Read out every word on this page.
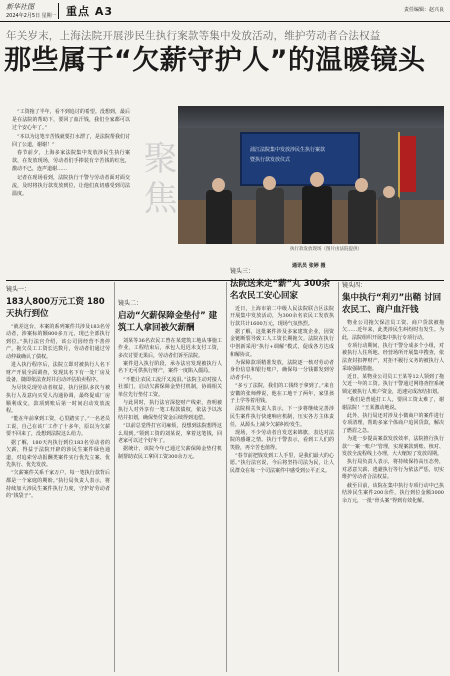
新华社图
2024年2月5日 星期一 重点 A3	责任编辑：赵兴良
年关岁末，上海法院开展涉民生执行案款等集中发放活动，维护劳动者合法权益
那些属于“欠薪守护人”的温暖镜头

“工资拖了半年，看不到追讨的希望。没想到，最后是在法院的帮助下，要回了血汗钱，我们全家都可以过个安心年了。”

“本以为这笔辛苦钱就要打水漂了，是法院帮我们讨回了公道，谢谢！”

春节前夕，上海多家法院集中发放涉民生执行案款，在发放现场，劳动者们手捧装有辛苦钱的红包，激动不已，连声道谢……

记者在现场看到，法院执行干警与劳动者面对面交流，及时将执行款发放到位，让他们真切感受到司法温度。	聚焦	浦江法院集中发放涉民生执行案款
暨执行款发放仪式
执行款发放现场（图片由法院提供）
通讯员 张婷 摄
镜头一：
183人800万元工资 180天执行到位

“就差这台，本案的系列案件共涉及183名劳动者，涉案标的额800多万元，现已全部执行到位。”执行法官介绍，该公司因经营不善停产，拖欠员工工资长达数月，劳动者们通过劳动仲裁确认了债权。

进入执行程序后，法院立即对被执行人名下财产开展全面调查，发现其名下有一处厂房及设备，随即依法查封并启动评估拍卖程序。

为尽快兑现劳动者权益，执行团队多次与被执行人及意向买受人沟通协调，最终促成厂房顺利成交，款项到账后第一时间启动发放流程。

“能在年前拿到工资，心里踏实了。”一名老员工说，自己在该厂工作了十多年，原以为欠薪要不回来了，没想到法院这么给力。

据了解，180天内执行到位183名劳动者的欠薪，得益于法院开辟的涉民生案件绿色通道，对追索劳动报酬类案件实行优先立案、优先执行、优先发放。

“欠薪案件关系千家万户，每一笔执行款背后都是一个家庭的期盼。”执行局负责人表示，将持续加大涉民生案件执行力度，守护好劳动者的“钱袋子”。

镜头二：
启动“欠薪保障金垫付” 建筑工人拿回被欠薪酬

刘某等36名农民工曾在某建筑工地从事施工作业，工程结束后，承包人迟迟未支付工资，多次讨要无果后，劳动者们诉至法院。

案件进入执行阶段，承办法官发现被执行人名下无可供执行财产，案件一度陷入僵局。

“不能让农民工流汗又流泪。”法院主动对接人社部门，启动欠薪保障金垫付机制，协调相关单位先行垫付工资。

与此同时，执行法官深挖财产线索，查明被执行人对外享有一笔工程款债权，依法予以冻结并扣划，确保垫付资金后续得到追偿。

“以前总觉得打官司麻烦，没想到法院想得这么周到。”领到工资的刘某说，拿着这笔钱，回老家可以过个好年了。

据统计，该院今年已通过欠薪保障金垫付机制帮助农民工拿回工资300余万元。

镜头三：
法院送来定“薪”丸 300余名农民工安心回家

近日，上海市第二中级人民法院联合区法院开展集中发放活动，为300余名农民工发放执行款共计1600万元，现场气氛热烈。

据了解，这批案件涉及多家建筑企业，因资金链断裂导致工人工资长期拖欠。法院在执行中创新采用“执行+调解”模式，促成各方达成和解协议。

为保障款项精准发放，法院逐一核对劳动者身份信息和银行账户，确保每一分钱都发到劳动者手中。

“多亏了法院，我们的工钱终于拿到了。”来自安徽的张师傅说，他在工地干了两年，家里孩子上学等着用钱。

法院相关负责人表示，下一步将继续完善涉民生案件执行快速响应机制，压实各方主体责任，从源头上减少欠薪纠纷发生。

现场，不少劳动者自发送来锦旗，表达对法院的感谢之情。执行干警表示，看到工人们的笑脸，再辛苦也值得。

“春节前把钱发到工人手里，是我们最大的心愿。”执行法官说，今后将坚持司法为民，让人民群众在每一个司法案件中感受到公平正义。

镜头四：
集中执行“利刃”出鞘 讨回农民工、商户血汗钱

物业公司拖欠保洁员工资、商户货款被拖欠……近年来，此类涉民生纠纷时有发生。为此，法院组织开展集中执行专项行动。

专项行动期间，执行干警分成多个小组，对被执行人住所地、经营场所开展集中搜查，依法查封扣押财产，对拒不履行义务的被执行人采取强制措施。

近日，某物业公司员工王某等12人领到了拖欠近一年的工资。执行干警通过网络查控系统锁定被执行人账户资金，迅速完成冻结扣划。

“我们是普通打工人，要回工资太难了，谢谢法院！”王某激动地说。

此外，执行局还对涉及小微商户的案件进行专项清理，帮助多家个体商户追回货款，解决了燃眉之急。

为进一步提高案款发放效率，法院推行执行款“一案一账户”管理，实现案款到账、核对、发放全流程线上办理，大大缩短了发放周期。

执行局负责人表示，将持续保持高压态势，对恶意欠薪、逃避执行等行为依法严惩，切实维护劳动者合法权益。

截至目前，该院在集中执行专项行动中已执结涉民生案件200余件，执行到位金额3000余万元，一批“骨头案”得到有效化解。
